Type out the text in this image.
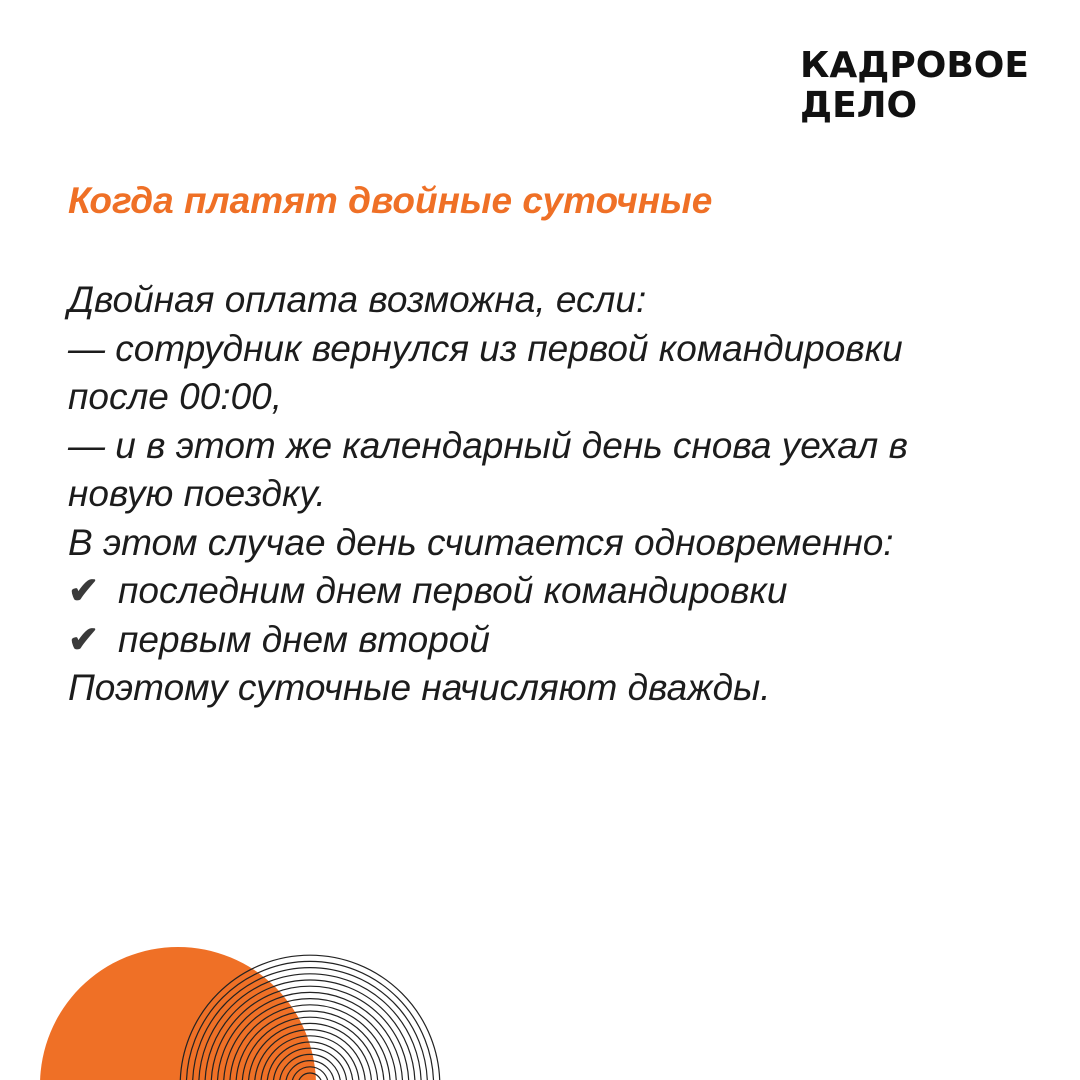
КАДРОВОЕ
ДЕЛО
Когда платят двойные суточные
Двойная оплата возможна, если:
— сотрудник вернулся из первой командировки
после 00:00,
— и в этот же календарный день снова уехал в
новую поездку.
В этом случае день считается одновременно:
✔ последним днем первой командировки
✔ первым днем второй
Поэтому суточные начисляют дважды.
